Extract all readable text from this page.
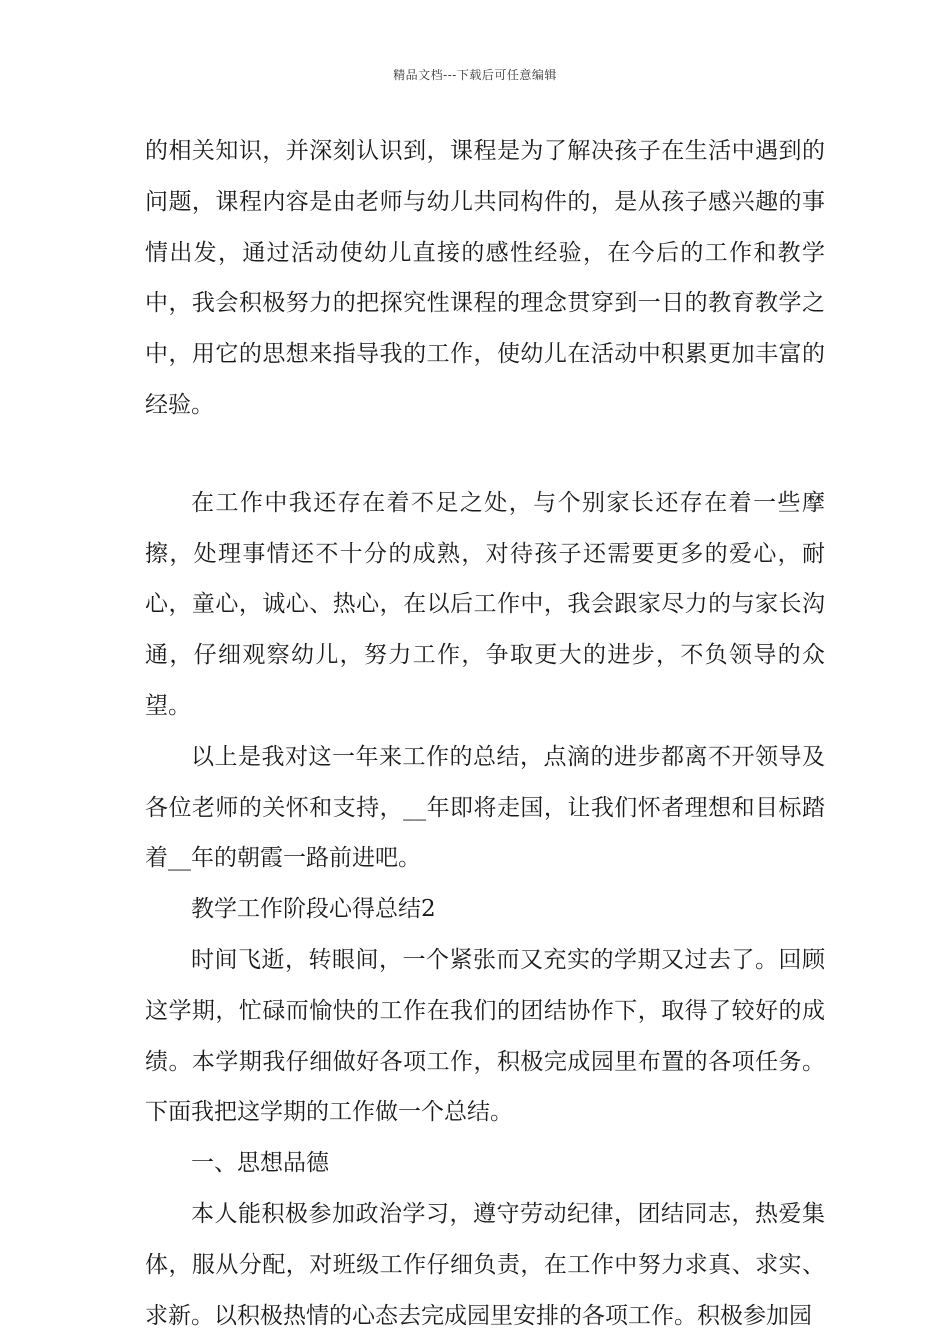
精品文档---下载后可任意编辑

的相关知识，并深刻认识到，课程是为了解决孩子在生活中遇到的问题，课程内容是由老师与幼儿共同构件的，是从孩子感兴趣的事情出发，通过活动使幼儿直接的感性经验，在今后的工作和教学中，我会积极努力的把探究性课程的理念贯穿到一日的教育教学之中，用它的思想来指导我的工作，使幼儿在活动中积累更加丰富的经验。

在工作中我还存在着不足之处，与个别家长还存在着一些摩擦，处理事情还不十分的成熟，对待孩子还需要更多的爱心，耐心，童心，诚心、热心，在以后工作中，我会跟家尽力的与家长沟通，仔细观察幼儿，努力工作，争取更大的进步，不负领导的众望。

以上是我对这一年来工作的总结，点滴的进步都离不开领导及各位老师的关怀和支持，__年即将走国，让我们怀者理想和目标踏着__年的朝霞一路前进吧。

教学工作阶段心得总结2

时间飞逝，转眼间，一个紧张而又充实的学期又过去了。回顾这学期，忙碌而愉快的工作在我们的团结协作下，取得了较好的成绩。本学期我仔细做好各项工作，积极完成园里布置的各项任务。下面我把这学期的工作做一个总结。

一、思想品德

本人能积极参加政治学习，遵守劳动纪律，团结同志，热爱集体，服从分配，对班级工作仔细负责，在工作中努力求真、求实、求新。以积极热情的心态去完成园里安排的各项工作。积极参加园
